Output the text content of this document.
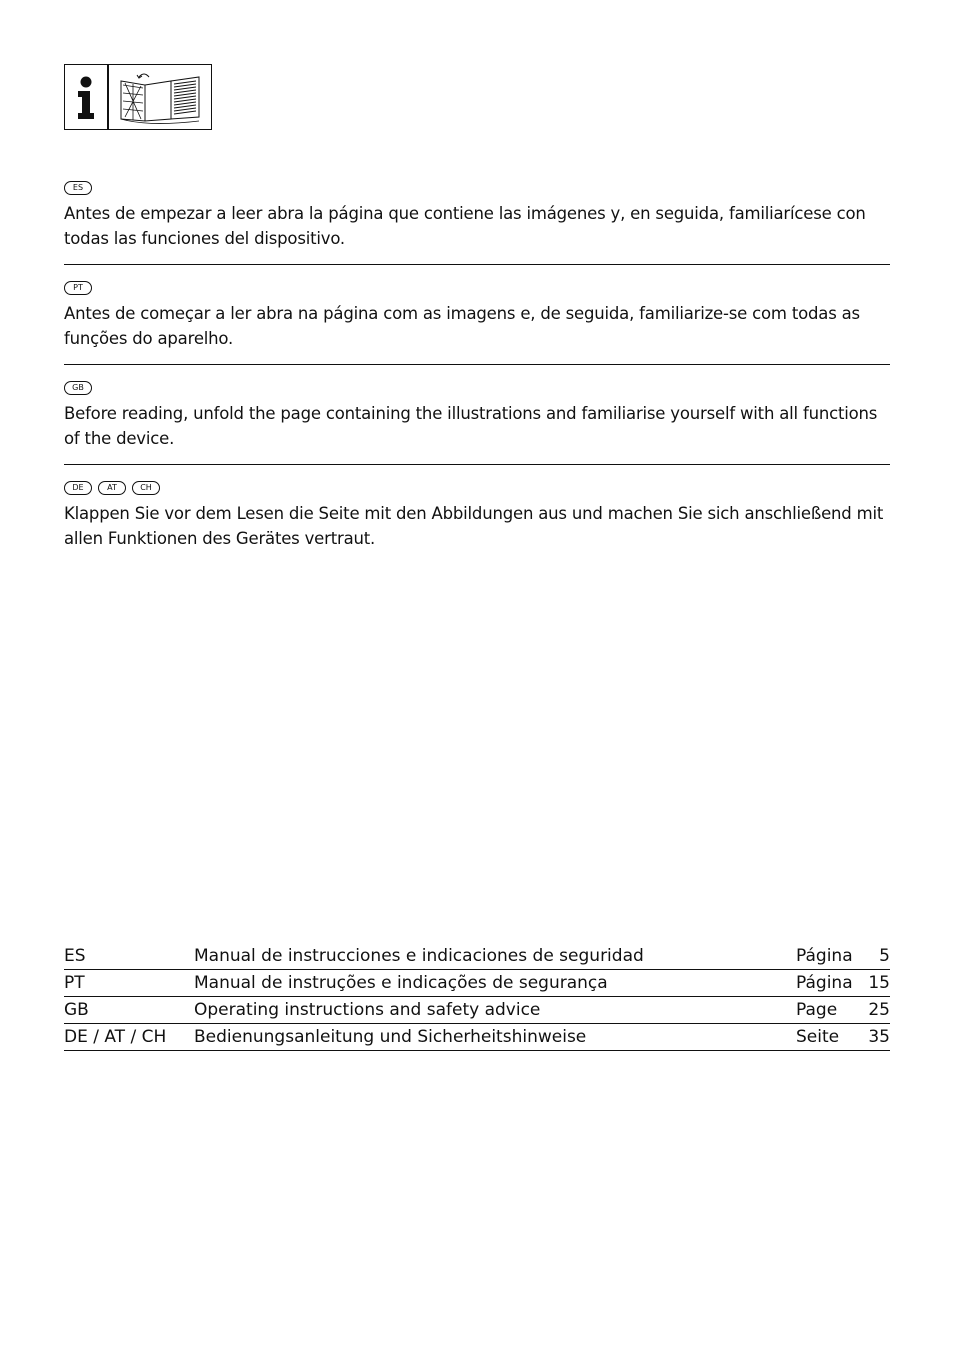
ES
Antes de empezar a leer abra la página que contiene las imágenes y, en seguida, familiarícese con todas las funciones del dispositivo.
PT
Antes de começar a ler abra na página com as imagens e, de seguida, familiarize-se com todas as funções do aparelho.
GB
Before reading, unfold the page containing the illustrations and familiarise yourself with all functions of the device.
DE	AT	CH
Klappen Sie vor dem Lesen die Seite mit den Abbildungen aus und machen Sie sich anschließend mit allen Funktionen des Gerätes vertraut.
ES	Manual de instrucciones e indicaciones de seguridad	Página	5
PT	Manual de instruções e indicações de segurança	Página	15
GB	Operating instructions and safety advice	Page	25
DE / AT / CH	Bedienungsanleitung und Sicherheitshinweise	Seite	35
